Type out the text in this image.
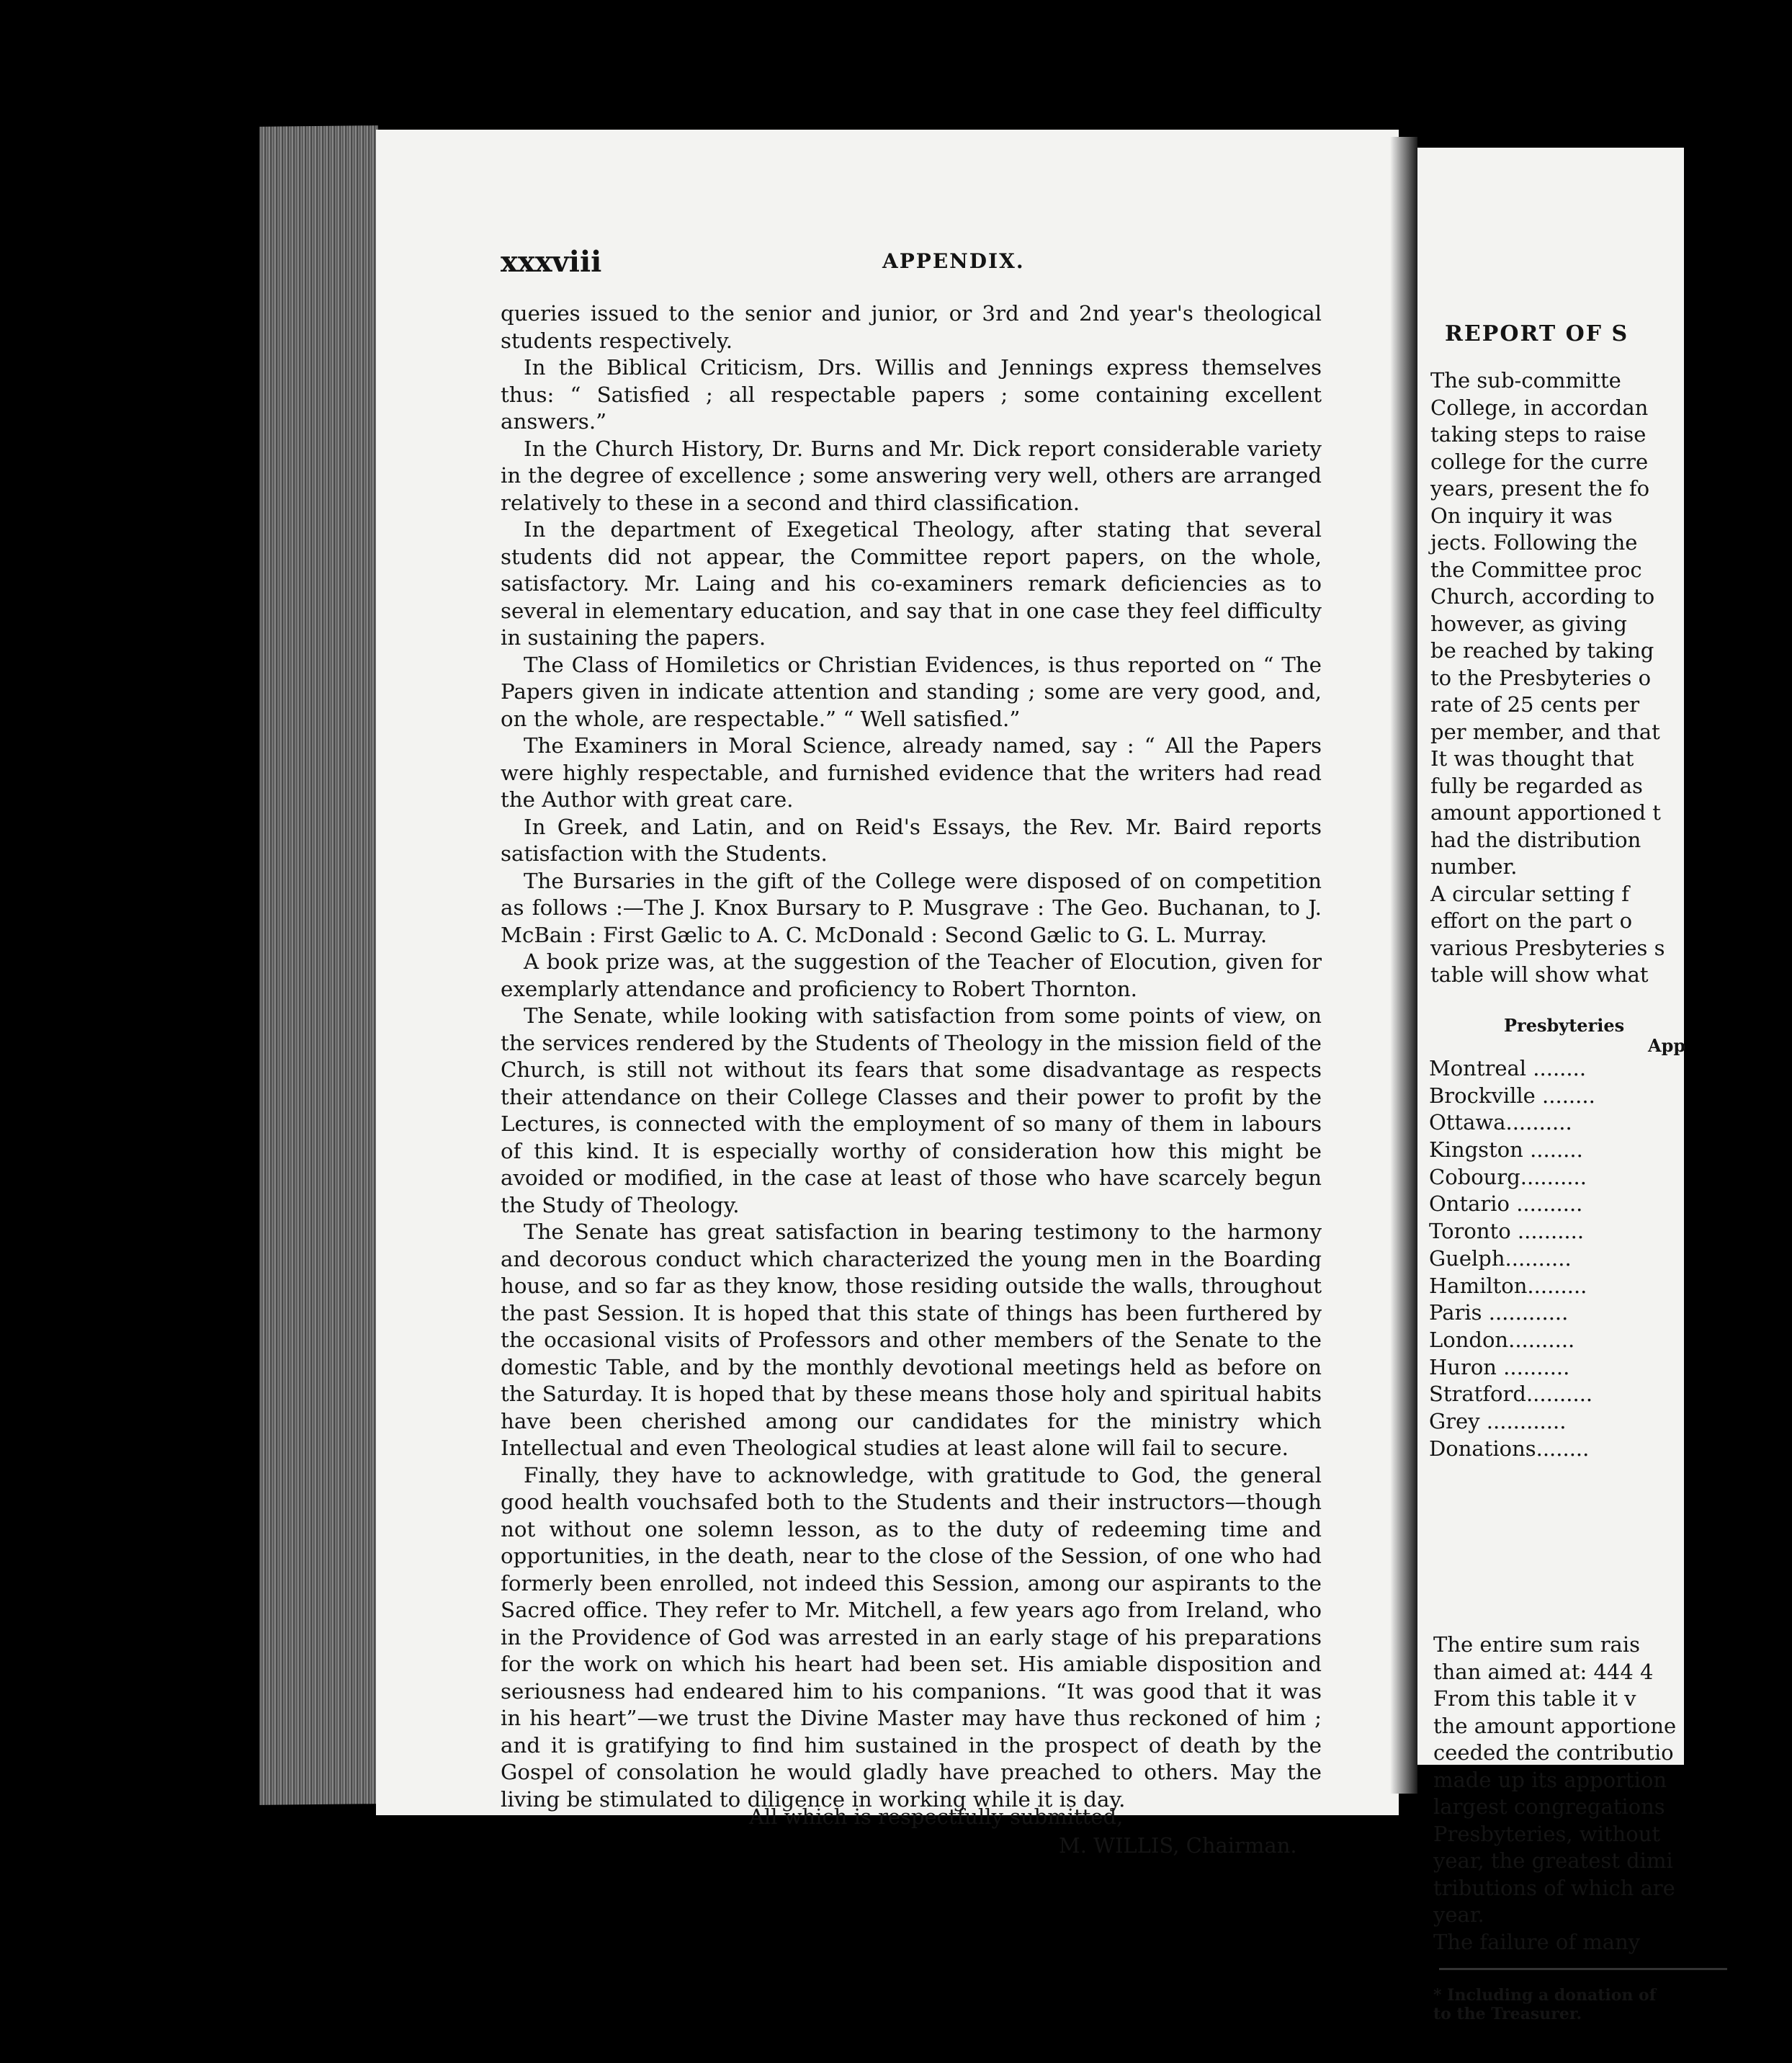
REPORT OF S
The sub-committe
College, in accordan
taking steps to raise
college for the curre
years, present the fo
On inquiry it was
jects. Following the
the Committee proc
Church, according to
however, as giving
be reached by taking
to the Presbyteries o
rate of 25 cents per
per member, and that
It was thought that
fully be regarded as
amount apportioned t
had the distribution
number.
A circular setting f
effort on the part o
various Presbyteries s
table will show what
Presbyteries
App
Montreal ........
Brockville ........
Ottawa..........
Kingston ........
Cobourg..........
Ontario ..........
Toronto ..........
Guelph..........
Hamilton.........
Paris ............
London..........
Huron ..........
Stratford..........
Grey ............
Donations........
The entire sum rais
than aimed at: 444 4
From this table it v
the amount apportione
ceeded the contributio
made up its apportion
largest congregations
Presbyteries, without
year, the greatest dimi
tributions of which are
year.
The failure of many
* Including a donation of
to the Treasurer.
xxxviii	APPENDIX.

queries issued to the senior and junior, or 3rd and 2nd year's theological students respectively.

In the Biblical Criticism, Drs. Willis and Jennings express themselves thus: “ Satisfied ; all respectable papers ; some containing excellent answers.”

In the Church History, Dr. Burns and Mr. Dick report considerable variety in the degree of excellence ; some answering very well, others are arranged relatively to these in a second and third classification.

In the department of Exegetical Theology, after stating that several students did not appear, the Committee report papers, on the whole, satisfactory. Mr. Laing and his co-examiners remark deficiencies as to several in elementary education, and say that in one case they feel difficulty in sustaining the papers.

The Class of Homiletics or Christian Evidences, is thus reported on “ The Papers given in indicate attention and standing ; some are very good, and, on the whole, are respectable.” “ Well satisfied.”

The Examiners in Moral Science, already named, say : “ All the Papers were highly respectable, and furnished evidence that the writers had read the Author with great care.

In Greek, and Latin, and on Reid's Essays, the Rev. Mr. Baird reports satisfaction with the Students.

The Bursaries in the gift of the College were disposed of on competition as follows :—The J. Knox Bursary to P. Musgrave : The Geo. Buchanan, to J. McBain : First Gælic to A. C. McDonald : Second Gælic to G. L. Murray.

A book prize was, at the suggestion of the Teacher of Elocution, given for exemplarly attendance and proficiency to Robert Thornton.

The Senate, while looking with satisfaction from some points of view, on the services rendered by the Students of Theology in the mission field of the Church, is still not without its fears that some disadvantage as respects their attendance on their College Classes and their power to profit by the Lectures, is connected with the employment of so many of them in labours of this kind. It is especially worthy of consideration how this might be avoided or modified, in the case at least of those who have scarcely begun the Study of Theology.

The Senate has great satisfaction in bearing testimony to the harmony and decorous conduct which characterized the young men in the Boarding house, and so far as they know, those residing outside the walls, throughout the past Session. It is hoped that this state of things has been furthered by the occasional visits of Professors and other members of the Senate to the domestic Table, and by the monthly devotional meetings held as before on the Saturday. It is hoped that by these means those holy and spiritual habits have been cherished among our candidates for the ministry which Intellectual and even Theological studies at least alone will fail to secure.

Finally, they have to acknowledge, with gratitude to God, the general good health vouchsafed both to the Students and their instructors—though not without one solemn lesson, as to the duty of redeeming time and opportunities, in the death, near to the close of the Session, of one who had formerly been enrolled, not indeed this Session, among our aspirants to the Sacred office. They refer to Mr. Mitchell, a few years ago from Ireland, who in the Providence of God was arrested in an early stage of his preparations for the work on which his heart had been set. His amiable disposition and seriousness had endeared him to his companions. “It was good that it was in his heart”—we trust the Divine Master may have thus reckoned of him ; and it is gratifying to find him sustained in the prospect of death by the Gospel of consolation he would gladly have preached to others. May the living be stimulated to diligence in working while it is day.

All which is respectfully submitted,
M. WILLIS, Chairman.
